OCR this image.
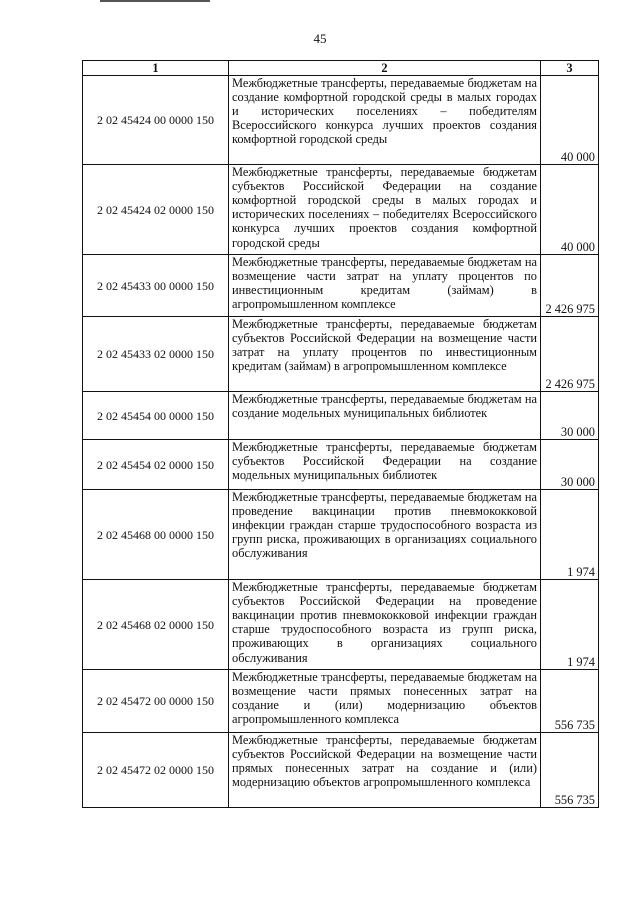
45
1	2	3
2 02 45424 00 0000 150	Межбюджетные трансферты, передаваемые бюджетам на создание комфортной городской среды в малых городах и исторических поселениях – победителям Всероссийского конкурса лучших проектов создания комфортной городской среды	40 000
2 02 45424 02 0000 150	Межбюджетные трансферты, передаваемые бюджетам субъектов Российской Федерации на создание комфортной городской среды в малых городах и исторических поселениях – победителях Всероссийского конкурса лучших проектов создания комфортной городской среды	40 000
2 02 45433 00 0000 150	Межбюджетные трансферты, передаваемые бюджетам на возмещение части затрат на уплату процентов по инвестиционным кредитам (займам) в агропромышленном комплексе	2 426 975
2 02 45433 02 0000 150	Межбюджетные трансферты, передаваемые бюджетам субъектов Российской Федерации на возмещение части затрат на уплату процентов по инвестиционным кредитам (займам) в агропромышленном комплексе	2 426 975
2 02 45454 00 0000 150	Межбюджетные трансферты, передаваемые бюджетам на создание модельных муниципальных библиотек	30 000
2 02 45454 02 0000 150	Межбюджетные трансферты, передаваемые бюджетам субъектов Российской Федерации на создание модельных муниципальных библиотек	30 000
2 02 45468 00 0000 150	Межбюджетные трансферты, передаваемые бюджетам на проведение вакцинации против пневмококковой инфекции граждан старше трудоспособного возраста из групп риска, проживающих в организациях социального обслуживания	1 974
2 02 45468 02 0000 150	Межбюджетные трансферты, передаваемые бюджетам субъектов Российской Федерации на проведение вакцинации против пневмококковой инфекции граждан старше трудоспособного возраста из групп риска, проживающих в организациях социального обслуживания	1 974
2 02 45472 00 0000 150	Межбюджетные трансферты, передаваемые бюджетам на возмещение части прямых понесенных затрат на создание и (или) модернизацию объектов агропромышленного комплекса	556 735
2 02 45472 02 0000 150	Межбюджетные трансферты, передаваемые бюджетам субъектов Российской Федерации на возмещение части прямых понесенных затрат на создание и (или) модернизацию объектов агропромышленного комплекса	556 735
